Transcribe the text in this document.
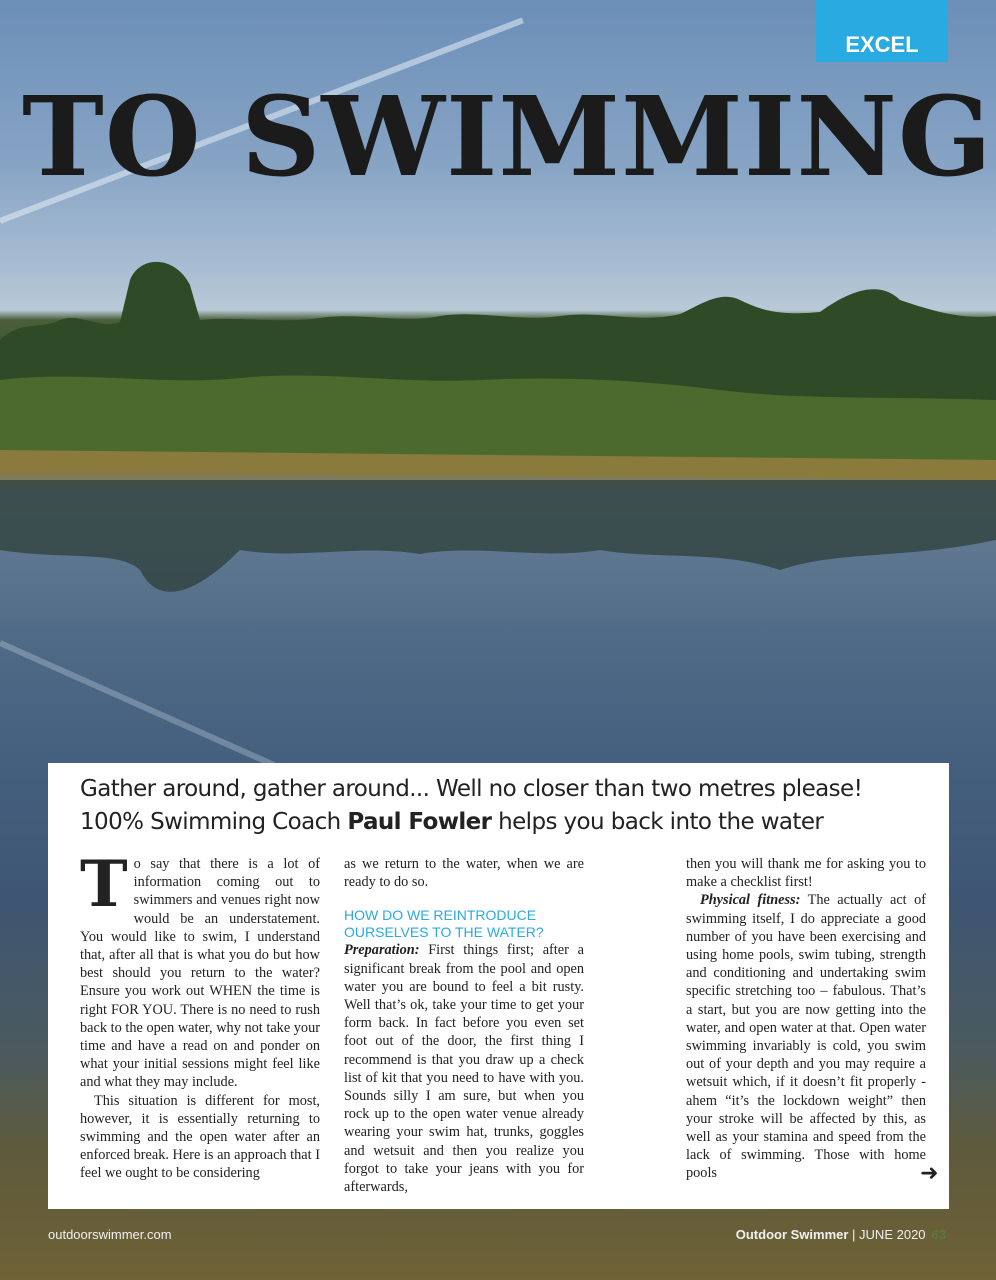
EXCEL
TO SWIMMING
Gather around, gather around... Well no closer than two metres please!
100% Swimming Coach Paul Fowler helps you back into the water

To say that there is a lot of information coming out to swimmers and venues right now would be an understatement. You would like to swim, I understand that, after all that is what you do but how best should you return to the water? Ensure you work out WHEN the time is right FOR YOU. There is no need to rush back to the open water, why not take your time and have a read on and ponder on what your initial sessions might feel like and what they may include.

This situation is different for most, however, it is essentially returning to swimming and the open water after an enforced break. Here is an approach that I feel we ought to be considering

as we return to the water, when we are ready to do so.

HOW DO WE REINTRODUCE OURSELVES TO THE WATER?

Preparation: First things first; after a significant break from the pool and open water you are bound to feel a bit rusty. Well that’s ok, take your time to get your form back. In fact before you even set foot out of the door, the first thing I recommend is that you draw up a check list of kit that you need to have with you. Sounds silly I am sure, but when you rock up to the open water venue already wearing your swim hat, trunks, goggles and wetsuit and then you realize you forgot to take your jeans with you for afterwards,

then you will thank me for asking you to make a checklist first!

Physical fitness: The actually act of swimming itself, I do appreciate a good number of you have been exercising and using home pools, swim tubing, strength and conditioning and undertaking swim specific stretching too – fabulous. That’s a start, but you are now getting into the water, and open water at that. Open water swimming invariably is cold, you swim out of your depth and you may require a wetsuit which, if it doesn’t fit properly - ahem “it’s the lockdown weight” then your stroke will be affected by this, as well as your stamina and speed from the lack of swimming. Those with home pools	➜
outdoorswimmer.com	Outdoor Swimmer | JUNE 2020 63
